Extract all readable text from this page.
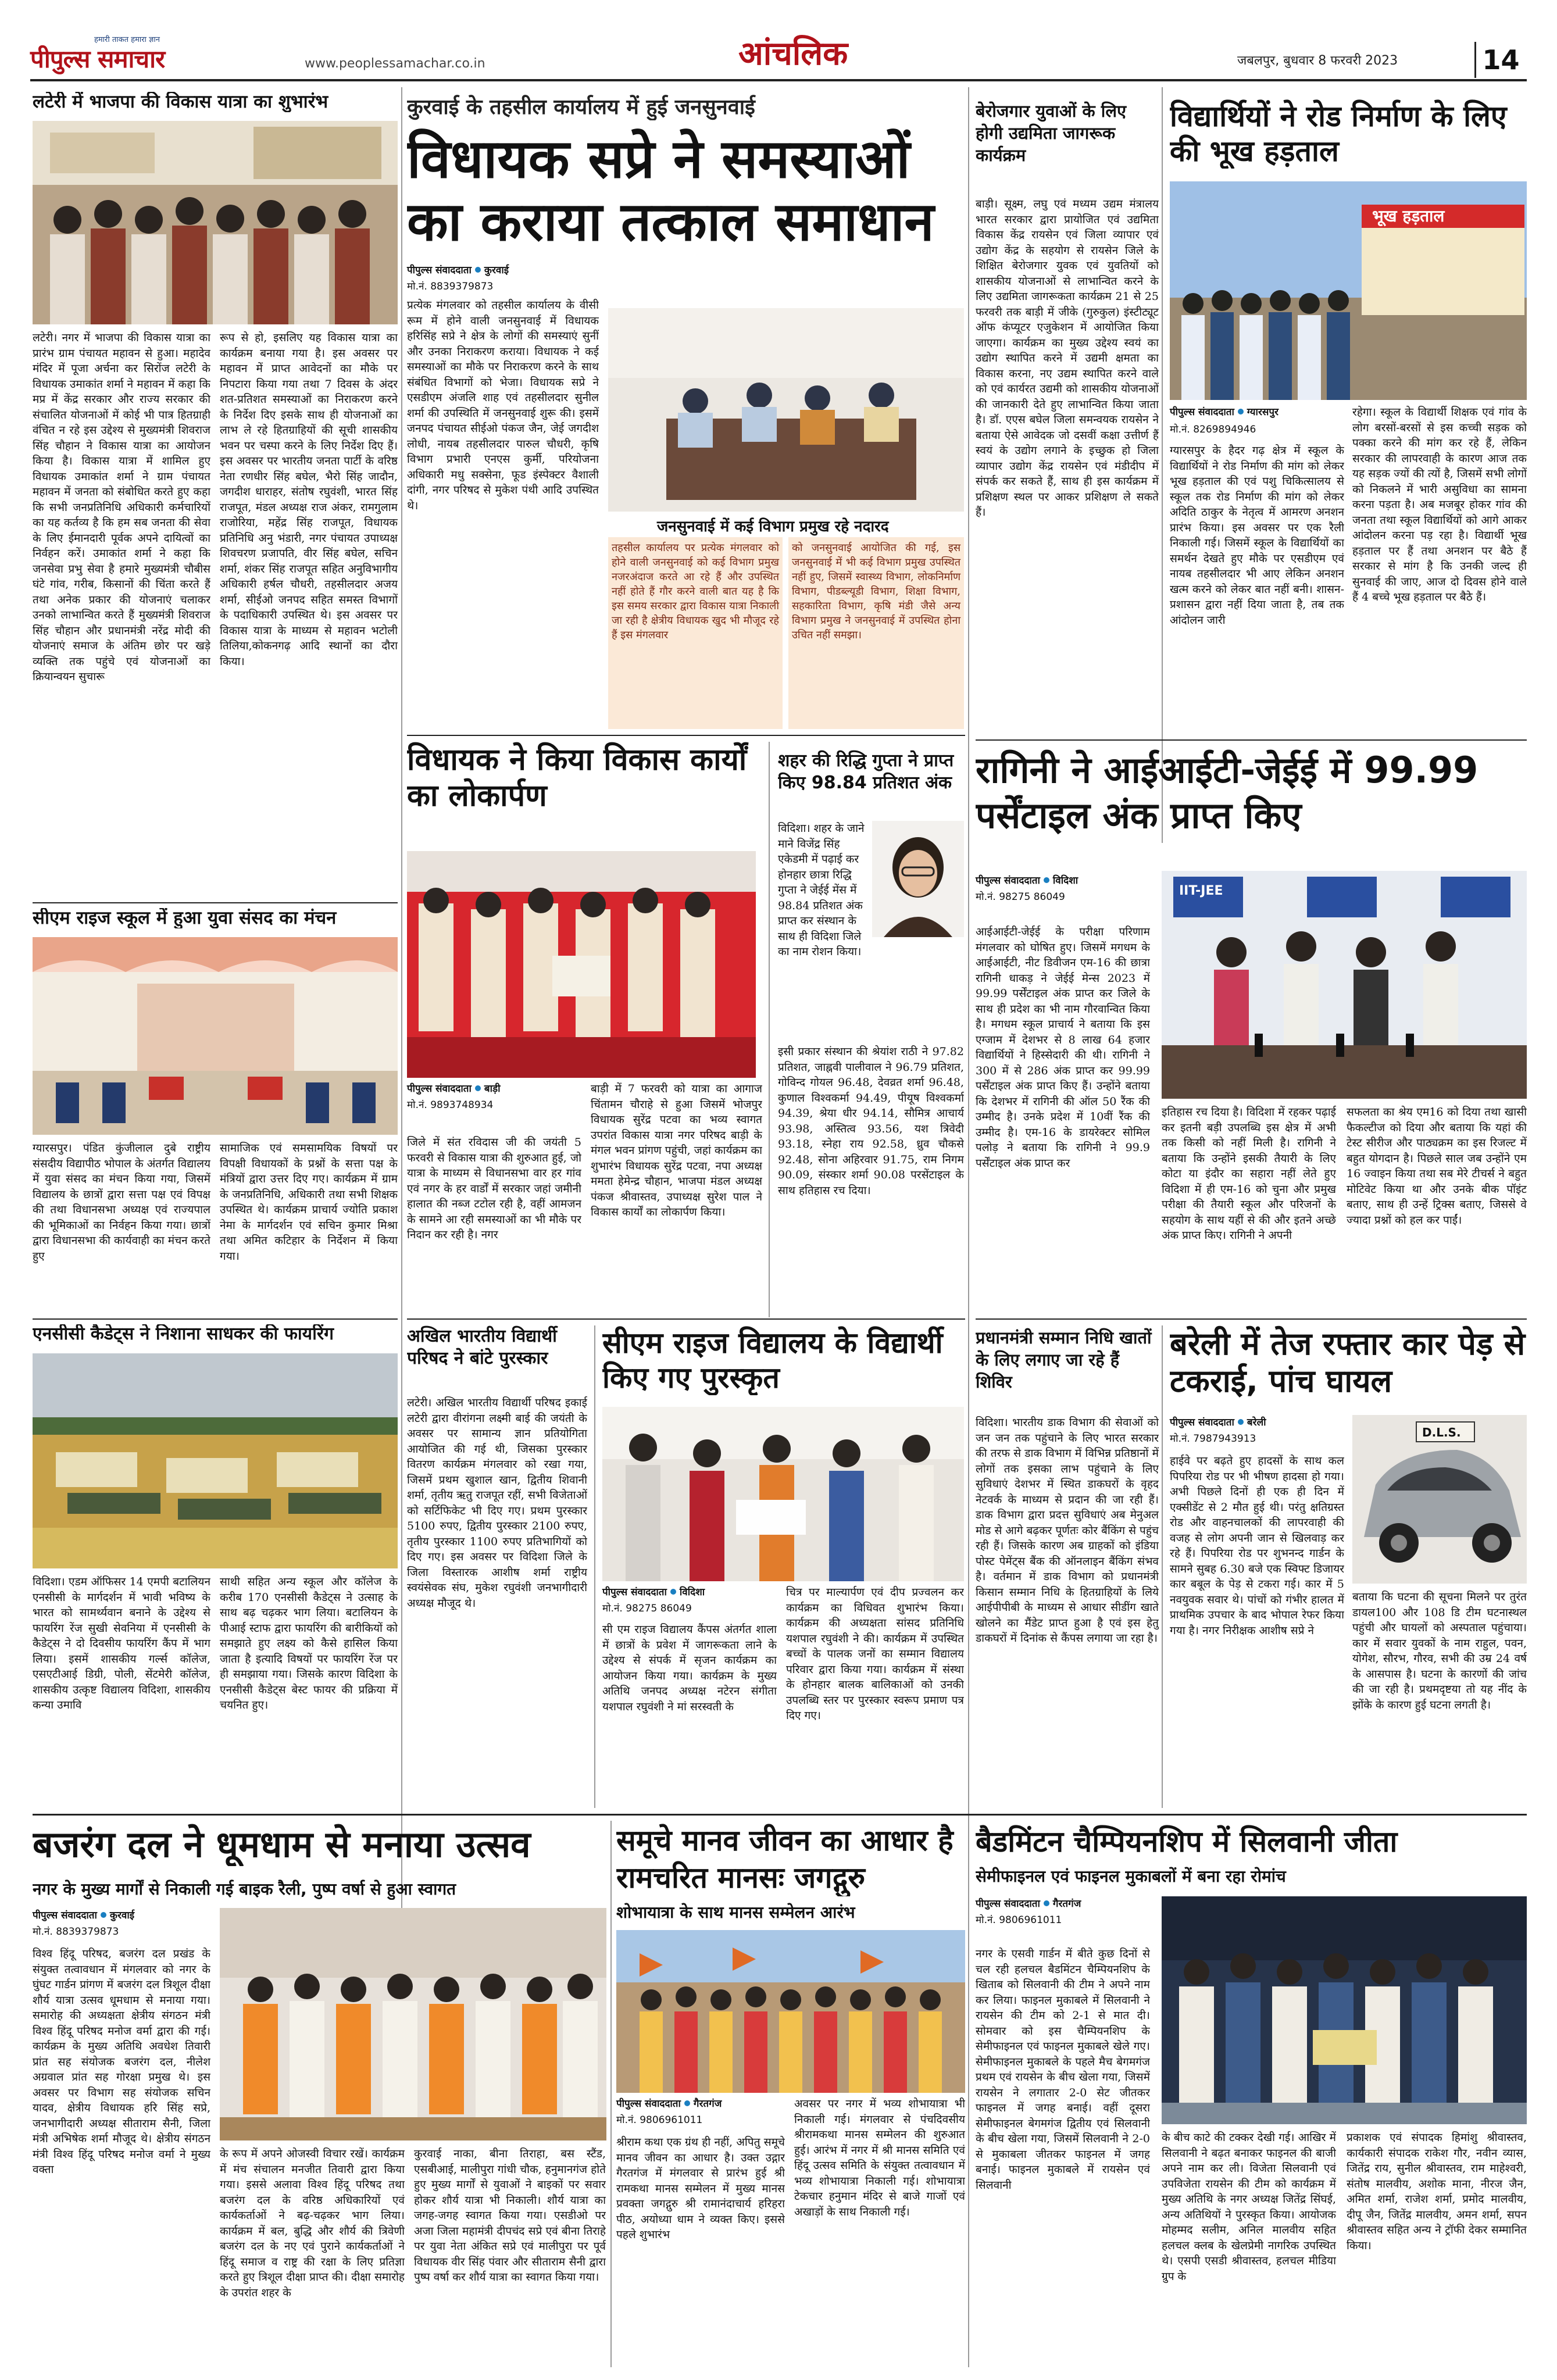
हमारी ताकत हमारा ज्ञान
पीपुल्स समाचार	www.peoplessamachar.co.in	आंचलिक	जबलपुर, बुधवार 8 फरवरी 2023	14
लटेरी में भाजपा की विकास यात्रा का शुभारंभ
लटेरी। नगर में भाजपा की विकास यात्रा का प्रारंभ ग्राम पंचायत महावन से हुआ। महादेव मंदिर में पूजा अर्चना कर सिरोंज लटेरी के विधायक उमाकांत शर्मा ने महावन में कहा कि मप्र में केंद्र सरकार और राज्य सरकार की संचालित योजनाओं में कोई भी पात्र हितग्राही वंचित न रहे इस उद्देश्य से मुख्यमंत्री शिवराज सिंह चौहान ने विकास यात्रा का आयोजन किया है। विकास यात्रा में शामिल हुए विधायक उमाकांत शर्मा ने ग्राम पंचायत महावन में जनता को संबोधित करते हुए कहा कि सभी जनप्रतिनिधि अधिकारी कर्मचारियों का यह कर्तव्य है कि हम सब जनता की सेवा के लिए ईमानदारी पूर्वक अपने दायित्वों का निर्वहन करें। उमाकांत शर्मा ने कहा कि जनसेवा प्रभु सेवा है हमारे मुख्यमंत्री चौबीस घंटे गांव, गरीब, किसानों की चिंता करते हैं तथा अनेक प्रकार की योजनाएं चलाकर उनको लाभान्वित करते हैं मुख्यमंत्री शिवराज सिंह चौहान और प्रधानमंत्री नरेंद्र मोदी की योजनाएं समाज के अंतिम छोर पर खड़े व्यक्ति तक पहुंचे एवं योजनाओं का क्रियान्वयन सुचारू
रूप से हो, इसलिए यह विकास यात्रा का कार्यक्रम बनाया गया है। इस अवसर पर महावन में प्राप्त आवेदनों का मौके पर निपटारा किया गया तथा 7 दिवस के अंदर शत-प्रतिशत समस्याओं का निराकरण करने के निर्देश दिए इसके साथ ही योजनाओं का लाभ ले रहे हितग्राहियों की सूची शासकीय भवन पर चस्पा करने के लिए निर्देश दिए हैं। इस अवसर पर भारतीय जनता पार्टी के वरिष्ठ नेता रणधीर सिंह बघेल, भैरो सिंह जादौन, जगदीश धाराहर, संतोष रघुवंशी, भारत सिंह राजपूत, मंडल अध्यक्ष राज अंकर, रामगुलाम राजोरिया, महेंद्र सिंह राजपूत, विधायक प्रतिनिधि अनु भंडारी, नगर पंचायत उपाध्यक्ष शिवचरण प्रजापति, वीर सिंह बघेल, सचिन शर्मा, शंकर सिंह राजपूत सहित अनुविभागीय अधिकारी हर्षल चौधरी, तहसीलदार अजय शर्मा, सीईओ जनपद सहित समस्त विभागों के पदाधिकारी उपस्थित थे। इस अवसर पर विकास यात्रा के माध्यम से महावन भटोली तिलिया,कोकनगढ़ आदि स्थानों का दौरा किया।
सीएम राइज स्कूल में हुआ युवा संसद का मंचन
ग्यारसपुर। पंडित कुंजीलाल दुबे राष्ट्रीय संसदीय विद्यापीठ भोपाल के अंतर्गत विद्यालय में युवा संसद का मंचन किया गया, जिसमें विद्यालय के छात्रों द्वारा सत्ता पक्ष एवं विपक्ष की तथा विधानसभा अध्यक्ष एवं राज्यपाल की भूमिकाओं का निर्वहन किया गया। छात्रों द्वारा विधानसभा की कार्यवाही का मंचन करते हुए
सामाजिक एवं समसामयिक विषयों पर विपक्षी विधायकों के प्रश्नों के सत्ता पक्ष के मंत्रियों द्वारा उत्तर दिए गए। कार्यक्रम में ग्राम के जनप्रतिनिधि, अधिकारी तथा सभी शिक्षक उपस्थित थे। कार्यक्रम प्राचार्य ज्योति प्रकाश नेमा के मार्गदर्शन एवं सचिन कुमार मिश्रा तथा अमित कटिहार के निर्देशन में किया गया।
एनसीसी कैडेट्स ने निशाना साधकर की फायरिंग
विदिशा। एडम ऑफिसर 14 एमपी बटालियन एनसीसी के मार्गदर्शन में भावी भविष्य के भारत को सामर्थ्यवान बनाने के उद्देश्य से फायरिंग रेंज सुखी सेवनिया में एनसीसी के कैडेट्स ने दो दिवसीय फायरिंग कैंप में भाग लिया। इसमें शासकीय गर्ल्स कॉलेज, एसएटीआई डिग्री, पोली, सेंटमेरी कॉलेज, शासकीय उत्कृष्ट विद्यालय विदिशा, शासकीय कन्या उमावि
साथी सहित अन्य स्कूल और कॉलेज के करीब 170 एनसीसी कैडेट्स ने उत्साह के साथ बढ़ चढ़कर भाग लिया। बटालियन के पीआई स्टाफ द्वारा फायरिंग की बारीकियों को समझाते हुए लक्ष्य को कैसे हासिल किया जाता है इत्यादि विषयों पर फायरिंग रेंज पर ही समझाया गया। जिसके कारण विदिशा के एनसीसी कैडेट्स बेस्ट फायर की प्रक्रिया में चयनित हुए।
कुरवाई के तहसील कार्यालय में हुई जनसुनवाई
विधायक सप्रे ने समस्याओं का कराया तत्काल समाधान
पीपुल्स संवाददाता कुरवाई
मो.नं. 8839379873
प्रत्येक मंगलवार को तहसील कार्यालय के वीसी रूम में होने वाली जनसुनवाई में विधायक हरिसिंह सप्रे ने क्षेत्र के लोगों की समस्याएं सुनीं और उनका निराकरण कराया। विधायक ने कई समस्याओं का मौके पर निराकरण करने के साथ संबंधित विभागों को भेजा। विधायक सप्रे ने एसडीएम अंजलि शाह एवं तहसीलदार सुनील शर्मा की उपस्थिति में जनसुनवाई शुरू की। इसमें जनपद पंचायत सीईओ पंकज जैन, जेई जगदीश लोधी, नायब तहसीलदार पारुल चौधरी, कृषि विभाग प्रभारी एनएस कुर्मी, परियोजना अधिकारी मधु सक्सेना, फूड इंस्पेक्टर वैशाली दांगी, नगर परिषद से मुकेश पंथी आदि उपस्थित थे।
जनसुनवाई में कई विभाग प्रमुख रहे नदारद
तहसील कार्यालय पर प्रत्येक मंगलवार को होने वाली जनसुनवाई को कई विभाग प्रमुख नजरअंदाज करते आ रहे हैं और उपस्थित नहीं होते हैं गौर करने वाली बात यह है कि इस समय सरकार द्वारा विकास यात्रा निकाली जा रही है क्षेत्रीय विधायक खुद भी मौजूद रहे हैं इस मंगलवार
को जनसुनवाई आयोजित की गई, इस जनसुनवाई में भी कई विभाग प्रमुख उपस्थित नहीं हुए, जिसमें स्वास्थ्य विभाग, लोकनिर्माण विभाग, पीडब्ल्यूडी विभाग, शिक्षा विभाग, सहकारिता विभाग, कृषि मंडी जैसे अन्य विभाग प्रमुख ने जनसुनवाई में उपस्थित होना उचित नहीं समझा।
विधायक ने किया विकास कार्यों का लोकार्पण
पीपुल्स संवाददाता बाड़ी
मो.नं. 9893748934
जिले में संत रविदास जी की जयंती 5 फरवरी से विकास यात्रा की शुरुआत हुई, जो यात्रा के माध्यम से विधानसभा वार हर गांव एवं नगर के हर वार्डों में सरकार जहां जमीनी हालात की नब्ज टटोल रही है, वहीं आमजन के सामने आ रही समस्याओं का भी मौके पर निदान कर रही है। नगर
बाड़ी में 7 फरवरी को यात्रा का आगाज चिंतामन चौराहे से हुआ जिसमें भोजपुर विधायक सुरेंद्र पटवा का भव्य स्वागत उपरांत विकास यात्रा नगर परिषद बाड़ी के मंगल भवन प्रांगण पहुंची, जहां कार्यक्रम का शुभारंभ विधायक सुरेंद्र पटवा, नपा अध्यक्ष ममता हेमेन्द्र चौहान, भाजपा मंडल अध्यक्ष पंकज श्रीवास्तव, उपाध्यक्ष सुरेश पाल ने विकास कार्यों का लोकार्पण किया।
शहर की रिद्धि गुप्ता ने प्राप्त किए 98.84 प्रतिशत अंक
विदिशा। शहर के जाने माने विजेंद्र सिंह एकेडमी में पढ़ाई कर होनहार छात्रा रिद्धि गुप्ता ने जेईई मेंस में 98.84 प्रतिशत अंक प्राप्त कर संस्थान के साथ ही विदिशा जिले का नाम रोशन किया।
इसी प्रकार संस्थान की श्रेयांश राठी ने 97.82 प्रतिशत, जाह्नवी पालीवाल ने 96.79 प्रतिशत, गोविन्द गोयल 96.48, देवव्रत शर्मा 96.48, कुणाल विश्वकर्मा 94.49, पीयूष विश्वकर्मा 94.39, श्रेया धीर 94.14, सौमित्र आचार्य 93.98, अस्तित्व 93.56, यश त्रिवेदी 93.18, स्नेहा राय 92.58, ध्रुव चौकसे 92.48, सोना अहिरवार 91.75, राम निगम 90.09, संस्कार शर्मा 90.08 परसेंटाइल के साथ हतिहास रच दिया।
अखिल भारतीय विद्यार्थी परिषद ने बांटे पुरस्कार
लटेरी। अखिल भारतीय विद्यार्थी परिषद इकाई लटेरी द्वारा वीरांगना लक्ष्मी बाई की जयंती के अवसर पर सामान्य ज्ञान प्रतियोगिता आयोजित की गई थी, जिसका पुरस्कार वितरण कार्यक्रम मंगलवार को रखा गया, जिसमें प्रथम खुशाल खान, द्वितीय शिवानी शर्मा, तृतीय ऋतु राजपूत रहीं, सभी विजेताओं को सर्टिफिकेट भी दिए गए। प्रथम पुरस्कार 5100 रुपए, द्वितीय पुरस्कार 2100 रुपए, तृतीय पुरस्कार 1100 रुपए प्रतिभागियों को दिए गए। इस अवसर पर विदिशा जिले के जिला विस्तारक आशीष शर्मा राष्ट्रीय स्वयंसेवक संघ, मुकेश रघुवंशी जनभागीदारी अध्यक्ष मौजूद थे।
सीएम राइज विद्यालय के विद्यार्थी किए गए पुरस्कृत
पीपुल्स संवाददाता विदिशा
मो.नं. 98275 86049
सी एम राइज विद्यालय कैंपस अंतर्गत शाला में छात्रों के प्रवेश में जागरूकता लाने के उद्देश्य से संपर्क में सृजन कार्यक्रम का आयोजन किया गया। कार्यक्रम के मुख्य अतिथि जनपद अध्यक्ष नटेरन संगीता यशपाल रघुवंशी ने मां सरस्वती के
चित्र पर माल्यार्पण एवं दीप प्रज्वलन कर कार्यक्रम का विधिवत शुभारंभ किया। कार्यक्रम की अध्यक्षता सांसद प्रतिनिधि यशपाल रघुवंशी ने की। कार्यक्रम में उपस्थित बच्चों के पालक जनों का सम्मान विद्यालय परिवार द्वारा किया गया। कार्यक्रम में संस्था के होनहार बालक बालिकाओं को उनकी उपलब्धि स्तर पर पुरस्कार स्वरूप प्रमाण पत्र दिए गए।
बेरोजगार युवाओं के लिए होगी उद्यमिता जागरूक कार्यक्रम
बाड़ी। सूक्ष्म, लघु एवं मध्यम उद्यम मंत्रालय भारत सरकार द्वारा प्रायोजित एवं उद्यमिता विकास केंद्र रायसेन एवं जिला व्यापार एवं उद्योग केंद्र के सहयोग से रायसेन जिले के शिक्षित बेरोजगार युवक एवं युवतियों को शासकीय योजनाओं से लाभान्वित करने के लिए उद्यमिता जागरूकता कार्यक्रम 21 से 25 फरवरी तक बाड़ी में जीके (गुरुकुल) इंस्टीट्यूट ऑफ कंप्यूटर एजुकेशन में आयोजित किया जाएगा। कार्यक्रम का मुख्य उद्देश्य स्वयं का उद्योग स्थापित करने में उद्यमी क्षमता का विकास करना, नए उद्यम स्थापित करने वाले को एवं कार्यरत उद्यमी को शासकीय योजनाओं की जानकारी देते हुए लाभान्वित किया जाता है। डॉ. एएस बघेल जिला समन्वयक रायसेन ने बताया ऐसे आवेदक जो दसवीं कक्षा उत्तीर्ण हैं स्वयं के उद्योग लगाने के इच्छुक हो जिला व्यापार उद्योग केंद्र रायसेन एवं मंडीदीप में संपर्क कर सकते हैं, साथ ही इस कार्यक्रम में प्रशिक्षण स्थल पर आकर प्रशिक्षण ले सकते हैं।
विद्यार्थियों ने रोड निर्माण के लिए की भूख हड़ताल
भूख हड़ताल
पीपुल्स संवाददाता ग्यारसपुर
मो.नं. 8269894946
ग्यारसपुर के हैदर गढ़ क्षेत्र में स्कूल के विद्यार्थियों ने रोड निर्माण की मांग को लेकर भूख हड़ताल की एवं पशु चिकित्सालय से स्कूल तक रोड निर्माण की मांग को लेकर अदिति ठाकुर के नेतृत्व में आमरण अनशन प्रारंभ किया। इस अवसर पर एक रैली निकाली गई। जिसमें स्कूल के विद्यार्थियों का समर्थन देखते हुए मौके पर एसडीएम एवं नायब तहसीलदार भी आए लेकिन अनशन खत्म करने को लेकर बात नहीं बनी। शासन-प्रशासन द्वारा नहीं दिया जाता है, तब तक आंदोलन जारी
रहेगा। स्कूल के विद्यार्थी शिक्षक एवं गांव के लोग बरसों-बरसों से इस कच्ची सड़क को पक्का करने की मांग कर रहे हैं, लेकिन सरकार की लापरवाही के कारण आज तक यह सड़क ज्यों की त्यों है, जिसमें सभी लोगों को निकलने में भारी असुविधा का सामना करना पड़ता है। अब मजबूर होकर गांव की जनता तथा स्कूल विद्यार्थियों को आगे आकर आंदोलन करना पड़ रहा है। विद्यार्थी भूख हड़ताल पर हैं तथा अनशन पर बैठे हैं सरकार से मांग है कि उनकी जल्द ही सुनवाई की जाए, आज दो दिवस होने वाले हैं 4 बच्चे भूख हड़ताल पर बैठे हैं।
रागिनी ने आईआईटी-जेईई में 99.99 पर्सेंटाइल अंक प्राप्त किए
पीपुल्स संवाददाता विदिशा
मो.नं. 98275 86049
आईआईटी-जेईई के परीक्षा परिणाम मंगलवार को घोषित हुए। जिसमें मगधम के आईआईटी, नीट डिवीजन एम-16 की छात्रा रागिनी धाकड़ ने जेईई मेन्स 2023 में 99.99 पर्सेंटाइल अंक प्राप्त कर जिले के साथ ही प्रदेश का भी नाम गौरवान्वित किया है। मगधम स्कूल प्राचार्य ने बताया कि इस एग्जाम में देशभर से 8 लाख 64 हजार विद्यार्थियों ने हिस्सेदारी की थी। रागिनी ने 300 में से 286 अंक प्राप्त कर 99.99 पर्सेंटाइल अंक प्राप्त किए हैं। उन्होंने बताया कि देशभर में रागिनी की ऑल 50 रैंक की उम्मीद है। उनके प्रदेश में 10वीं रैंक की उम्मीद है। एम-16 के डायरेक्टर सोमिल पलोड़ ने बताया कि रागिनी ने 99.9 पर्सेंटाइल अंक प्राप्त कर
IIT-JEE
इतिहास रच दिया है। विदिशा में रहकर पढ़ाई कर इतनी बड़ी उपलब्धि इस क्षेत्र में अभी तक किसी को नहीं मिली है। रागिनी ने बताया कि उन्होंने इसकी तैयारी के लिए कोटा या इंदौर का सहारा नहीं लेते हुए विदिशा में ही एम-16 को चुना और प्रमुख परीक्षा की तैयारी स्कूल और परिजनों के सहयोग के साथ यहीं से की और इतने अच्छे अंक प्राप्त किए। रागिनी ने अपनी
सफलता का श्रेय एम16 को दिया तथा खासी फैकल्टीज को दिया और बताया कि यहां की टेस्ट सीरीज और पाठ्यक्रम का इस रिजल्ट में बहुत योगदान है। पिछले साल जब उन्होंने एम 16 ज्वाइन किया तथा सब मेरे टीचर्स ने बहुत मोटिवेट किया था और उनके बीक पॉइंट बताए, साथ ही उन्हें ट्रिक्स बताए, जिससे वे ज्यादा प्रश्नों को हल कर पाईं।
प्रधानमंत्री सम्मान निधि खातों के लिए लगाए जा रहे हैं शिविर
विदिशा। भारतीय डाक विभाग की सेवाओं को जन जन तक पहुंचाने के लिए भारत सरकार की तरफ से डाक विभाग में विभिन्न प्रतिष्ठानों में लोगों तक इसका लाभ पहुंचाने के लिए सुविधाएं देशभर में स्थित डाकघरों के वृहद नेटवर्क के माध्यम से प्रदान की जा रही हैं। डाक विभाग द्वारा प्रदत्त सुविधाएं अब मेनुअल मोड से आगे बढ़कर पूर्णतः कोर बैंकिंग से पहुंच रही हैं। जिसके कारण अब ग्राहकों को इंडिया पोस्ट पेमेंट्स बैंक की ऑनलाइन बैंकिंग संभव है। वर्तमान में डाक विभाग को प्रधानमंत्री किसान सम्मान निधि के हितग्राहियों के लिये आईपीपीबी के माध्यम से आधार सीडींग खाते खोलने का मैंडेट प्राप्त हुआ है एवं इस हेतु डाकघरों में दिनांक से कैंपस लगाया जा रहा है।
बरेली में तेज रफ्तार कार पेड़ से टकराई, पांच घायल
पीपुल्स संवाददाता बरेली
मो.नं. 7987943913
हाईवे पर बढ़ते हुए हादसों के साथ कल पिपरिया रोड पर भी भीषण हादसा हो गया। अभी पिछले दिनों ही एक ही दिन में एक्सीडेंट से 2 मौत हुई थी। परंतु क्षतिग्रस्त रोड और वाहनचालकों की लापरवाही की वजह से लोग अपनी जान से खिलवाड़ कर रहे हैं। पिपरिया रोड पर शुभनन्द गार्डन के सामने सुबह 6.30 बजे एक स्विफ्ट डिजायर कार बबूल के पेड़ से टकरा गई। कार में 5 नवयुवक सवार थे। पांचों को गंभीर हालत में प्राथमिक उपचार के बाद भोपाल रेफर किया गया है। नगर निरीक्षक आशीष सप्रे ने
D.L.S.
बताया कि घटना की सूचना मिलने पर तुरंत डायल100 और 108 डि टीम घटनास्थल पहुंची और घायलों को अस्पताल पहुंचाया। कार में सवार युवकों के नाम राहुल, पवन, योगेश, सौरभ, गौरव, सभी की उम्र 24 वर्ष के आसपास है। घटना के कारणों की जांच की जा रही है। प्रथमदृष्टया तो यह नींद के झोंके के कारण हुई घटना लगती है।
बजरंग दल ने धूमधाम से मनाया उत्सव
नगर के मुख्य मार्गों से निकाली गई बाइक रैली, पुष्प वर्षा से हुआ स्वागत
पीपुल्स संवाददाता कुरवाई
मो.नं. 8839379873
विश्व हिंदू परिषद, बजरंग दल प्रखंड के संयुक्त तत्वावधान में मंगलवार को नगर के घुंघट गार्डन प्रांगण में बजरंग दल त्रिशूल दीक्षा शौर्य यात्रा उत्सव धूमधाम से मनाया गया। समारोह की अध्यक्षता क्षेत्रीय संगठन मंत्री विश्व हिंदू परिषद मनोज वर्मा द्वारा की गई। कार्यक्रम के मुख्य अतिथि अवधेश तिवारी प्रांत सह संयोजक बजरंग दल, नीलेश अग्रवाल प्रांत सह गोरक्षा प्रमुख थे। इस अवसर पर विभाग सह संयोजक सचिन यादव, क्षेत्रीय विधायक हरि सिंह सप्रे, जनभागीदारी अध्यक्ष सीताराम सैनी, जिला मंत्री अभिषेक शर्मा मौजूद थे। क्षेत्रीय संगठन मंत्री विश्व हिंदू परिषद मनोज वर्मा ने मुख्य वक्ता
के रूप में अपने ओजस्वी विचार रखें। कार्यक्रम में मंच संचालन मनजीत तिवारी द्वारा किया गया। इससे अलावा विश्व हिंदू परिषद तथा बजरंग दल के वरिष्ठ अधिकारियों एवं कार्यकर्ताओं ने बढ़-चढ़कर भाग लिया। कार्यक्रम में बल, बुद्धि और शौर्य की त्रिवेणी बजरंग दल के नए एवं पुराने कार्यकर्ताओं ने हिंदू समाज व राष्ट्र की रक्षा के लिए प्रतिज्ञा करते हुए त्रिशूल दीक्षा प्राप्त की। दीक्षा समारोह के उपरांत शहर के
कुरवाई नाका, बीना तिराहा, बस स्टैंड, एसबीआई, मालीपुरा गांधी चौक, हनुमानगंज होते हुए मुख्य मार्गों से युवाओं ने बाइकों पर सवार होकर शौर्य यात्रा भी निकाली। शौर्य यात्रा का जगह-जगह स्वागत किया गया। एसडीओ पर अजा जिला महामंत्री दीपचंद सप्रे एवं बीना तिराहे पर युवा नेता अंकित सप्रे एवं मालीपुरा पर पूर्व विधायक वीर सिंह पंवार और सीताराम सैनी द्वारा पुष्प वर्षा कर शौर्य यात्रा का स्वागत किया गया।
समूचे मानव जीवन का आधार है रामचरित मानसः जगद्गुरु
शोभायात्रा के साथ मानस सम्मेलन आरंभ
पीपुल्स संवाददाता गैरतगंज
मो.नं. 9806961011
श्रीराम कथा एक ग्रंथ ही नहीं, अपितु समूचे मानव जीवन का आधार है। उक्त उद्गार गैरतगंज में मंगलवार से प्रारंभ हुई श्री रामकथा मानस सम्मेलन में मुख्य मानस प्रवक्ता जगद्गुरु श्री रामानंदाचार्य हरिहरा पीठ, अयोध्या धाम ने व्यक्त किए। इससे पहले शुभारंभ
अवसर पर नगर में भव्य शोभायात्रा भी निकाली गई। मंगलवार से पंचदिवसीय श्रीरामकथा मानस सम्मेलन की शुरुआत हुई। आरंभ में नगर में श्री मानस समिति एवं हिंदू उत्सव समिति के संयुक्त तत्वावधान में भव्य शोभायात्रा निकाली गई। शोभायात्रा टेकचार हनुमान मंदिर से बाजे गाजों एवं अखाड़ों के साथ निकाली गई।
बैडमिंटन चैम्पियनशिप में सिलवानी जीता
सेमीफाइनल एवं फाइनल मुकाबलों में बना रहा रोमांच
पीपुल्स संवाददाता गैरतगंज
मो.नं. 9806961011
नगर के एसवी गार्डन में बीते कुछ दिनों से चल रही हलचल बैडमिंटन चैम्पियनशिप के खिताब को सिलवानी की टीम ने अपने नाम कर लिया। फाइनल मुकाबले में सिलवानी ने रायसेन की टीम को 2-1 से मात दी। सोमवार को इस चैम्पियनशिप के सेमीफाइनल एवं फाइनल मुकाबले खेले गए। सेमीफाइनल मुकाबले के पहले मैच बेगमगंज प्रथम एवं रायसेन के बीच खेला गया, जिसमें रायसेन ने लगातार 2-0 सेट जीतकर फाइनल में जगह बनाई। वहीं दूसरा सेमीफाइनल बेगमगंज द्वितीय एवं सिलवानी के बीच खेला गया, जिसमें सिलवानी ने 2-0 से मुकाबला जीतकर फाइनल में जगह बनाई। फाइनल मुकाबले में रायसेन एवं सिलवानी
के बीच काटे की टक्कर देखी गई। आखिर में सिलवानी ने बढ़त बनाकर फाइनल की बाजी अपने नाम कर ली। विजेता सिलवानी एवं उपविजेता रायसेन की टीम को कार्यक्रम में मुख्य अतिथि के नगर अध्यक्ष जितेंद्र सिंघई, अन्य अतिथियों ने पुरस्कृत किया। आयोजक मोहम्मद सलीम, अनिल मालवीय सहित हलचल क्लब के खेलप्रेमी नागरिक उपस्थित थे। एसपी एसडी श्रीवास्तव, हलचल मीडिया ग्रुप के
प्रकाशक एवं संपादक हिमांशु श्रीवास्तव, कार्यकारी संपादक राकेश गौर, नवीन व्यास, जितेंद्र राय, सुनील श्रीवास्तव, राम माहेश्वरी, संतोष मालवीय, अशोक माना, नीरज जैन, अमित शर्मा, राजेश शर्मा, प्रमोद मालवीय, दीपू जैन, जितेंद्र मालवीय, अमन शर्मा, सपन श्रीवास्तव सहित अन्य ने ट्रॉफी देकर सम्मानित किया।
